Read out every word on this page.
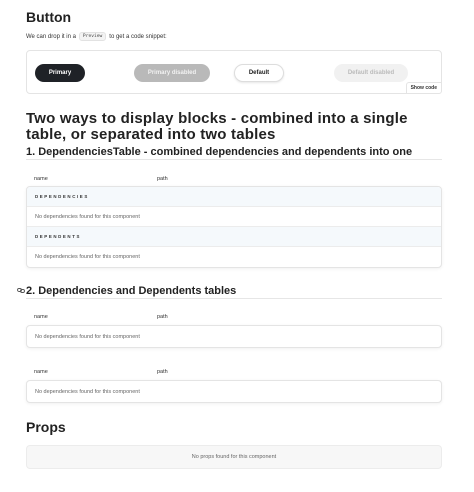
Button
We can drop it in a	Preview	to get a code snippet:
Primary	Primary disabled	Default	Default disabled
Show code
Two ways to display blocks - combined into a single table, or separated into two tables
1. DependenciesTable - combined dependencies and dependents into one
name	path
DEPENDENCIES
No dependencies found for this component
DEPENDENTS
No dependencies found for this component
2. Dependencies and Dependents tables
name	path
No dependencies found for this component
name	path
No dependencies found for this component
Props
No props found for this component
